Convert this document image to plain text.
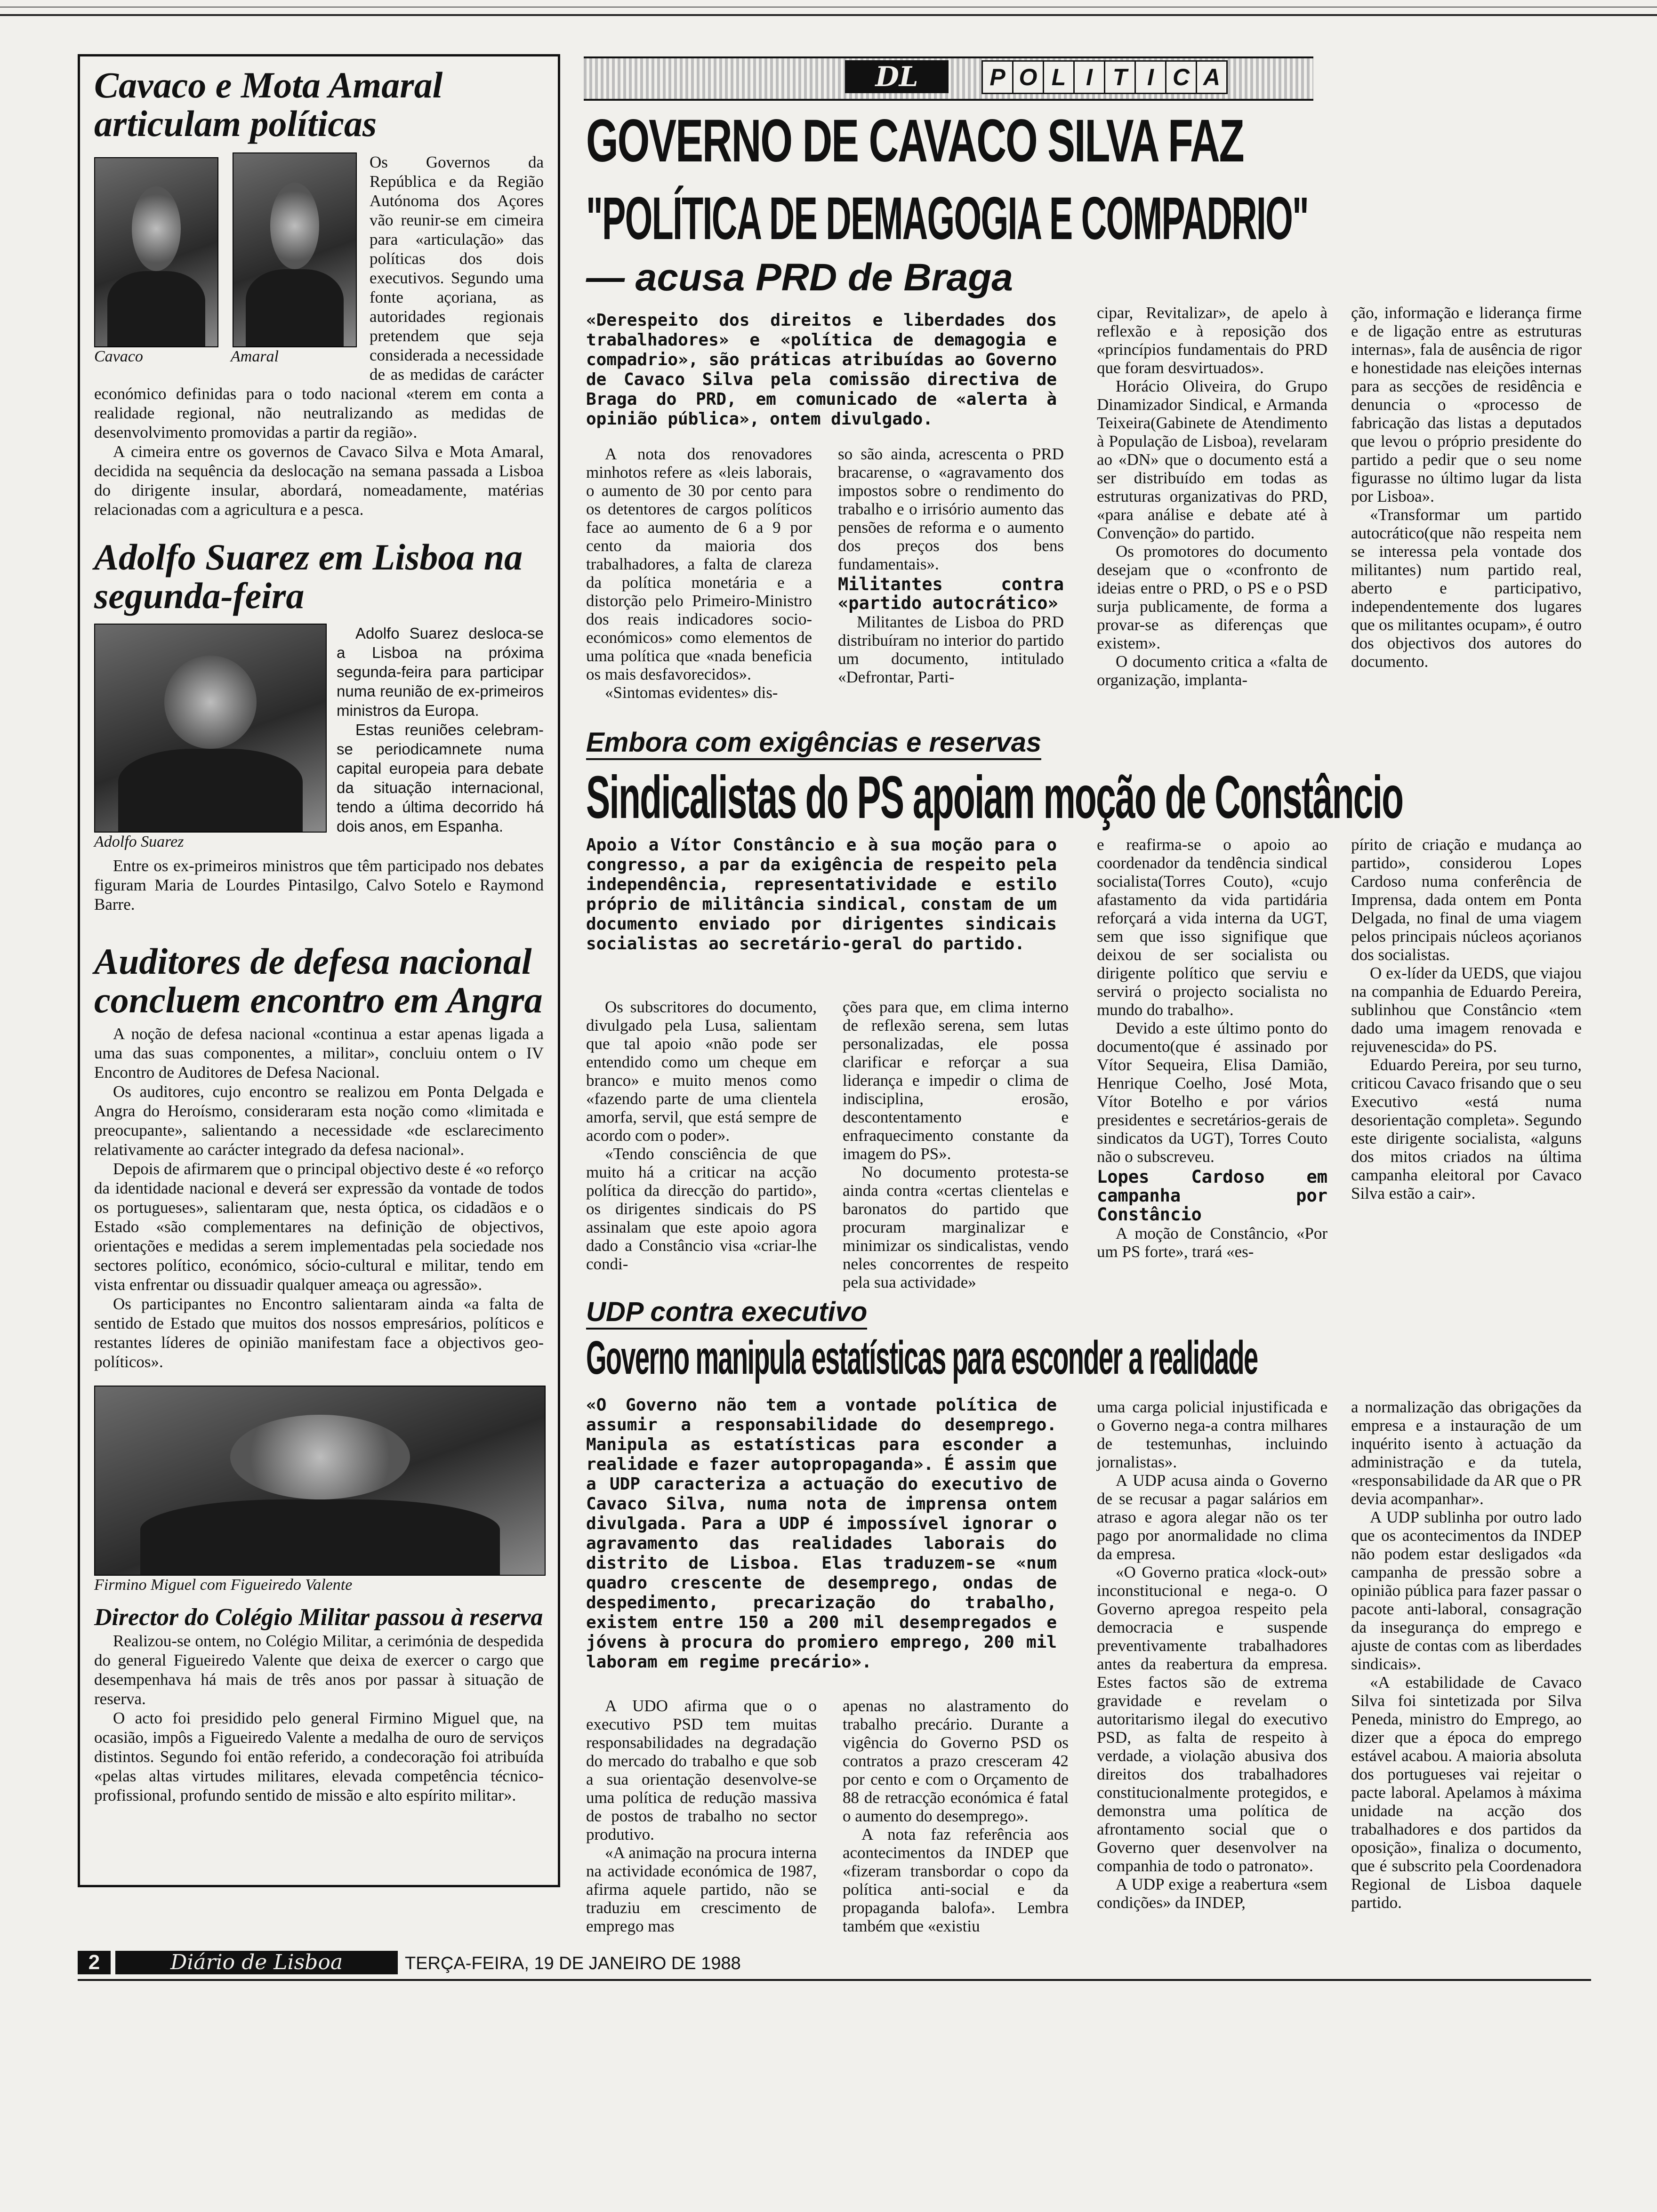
Cavaco e Mota Amaral articulam políticas
Cavaco	Amaral

Os Governos da República e da Região Autónoma dos Açores vão reunir-se em cimeira para «articulação» das políticas dos dois executivos. Segundo uma fonte açoriana, as autoridades regionais pretendem que seja considerada a necessidade de as medidas de carácter económico definidas para o todo nacional «terem em conta a realidade regional, não neutralizando as medidas de desenvolvimento promovidas a partir da região».

A cimeira entre os governos de Cavaco Silva e Mota Amaral, decidida na sequência da deslocação na semana passada a Lisboa do dirigente insular, abordará, nomeadamente, matérias relacionadas com a agricultura e a pesca.

Adolfo Suarez em Lisboa na segunda-feira
Adolfo Suarez

Adolfo Suarez desloca-se a Lisboa na próxima segunda-feira para participar numa reunião de ex-primeiros ministros da Europa.

Estas reuniões celebram-se periodicamnete numa capital europeia para debate da situação internacional, tendo a última decorrido há dois anos, em Espanha.

Entre os ex-primeiros ministros que têm participado nos debates figuram Maria de Lourdes Pintasilgo, Calvo Sotelo e Raymond Barre.

Auditores de defesa nacional concluem encontro em Angra

A noção de defesa nacional «continua a estar apenas ligada a uma das suas componentes, a militar», concluiu ontem o IV Encontro de Auditores de Defesa Nacional.

Os auditores, cujo encontro se realizou em Ponta Delgada e Angra do Heroísmo, consideraram esta noção como «limitada e preocupante», salientando a necessidade «de esclarecimento relativamente ao carácter integrado da defesa nacional».

Depois de afirmarem que o principal objectivo deste é «o reforço da identidade nacional e deverá ser expressão da vontade de todos os portugueses», salientaram que, nesta óptica, os cidadãos e o Estado «são complementares na definição de objectivos, orientações e medidas a serem implementadas pela sociedade nos sectores político, económico, sócio-cultural e militar, tendo em vista enfrentar ou dissuadir qualquer ameaça ou agressão».

Os participantes no Encontro salientaram ainda «a falta de sentido de Estado que muitos dos nossos empresários, políticos e restantes líderes de opinião manifestam face a objectivos geo-políticos».

Firmino Miguel com Figueiredo Valente
Director do Colégio Militar passou à reserva

Realizou-se ontem, no Colégio Militar, a cerimónia de despedida do general Figueiredo Valente que deixa de exercer o cargo que desempenhava há mais de três anos por passar à situação de reserva.

O acto foi presidido pelo general Firmino Miguel que, na ocasião, impôs a Figueiredo Valente a medalha de ouro de serviços distintos. Segundo foi então referido, a condecoração foi atribuída «pelas altas virtudes militares, elevada competência técnico-profissional, profundo sentido de missão e alto espírito militar».

DL	P O L I T I C A
GOVERNO DE CAVACO SILVA FAZ
"POLÍTICA DE DEMAGOGIA E COMPADRIO"
— acusa PRD de Braga
«Derespeito dos direitos e liberdades dos trabalhadores» e «política de demagogia e compadrio», são práticas atribuídas ao Governo de Cavaco Silva pela comissão directiva de Braga do PRD, em comunicado de «alerta à opinião pública», ontem divulgado.

A nota dos renovadores minhotos refere as «leis laborais, o aumento de 30 por cento para os detentores de cargos políticos face ao aumento de 6 a 9 por cento da maioria dos trabalhadores, a falta de clareza da política monetária e a distorção pelo Primeiro-Ministro dos reais indicadores socio-económicos» como elementos de uma política que «nada beneficia os mais desfavorecidos».

«Sintomas evidentes» dis-

so são ainda, acrescenta o PRD bracarense, o «agravamento dos impostos sobre o rendimento do trabalho e o irrisório aumento das pensões de reforma e o aumento dos preços dos bens fundamentais».

Militantes contra «partido autocrático»

Militantes de Lisboa do PRD distribuíram no interior do partido um documento, intitulado «Defrontar, Parti-

cipar, Revitalizar», de apelo à reflexão e à reposição dos «princípios fundamentais do PRD que foram desvirtuados».

Horácio Oliveira, do Grupo Dinamizador Sindical, e Armanda Teixeira(Gabinete de Atendimento à População de Lisboa), revelaram ao «DN» que o documento está a ser distribuído em todas as estruturas organizativas do PRD, «para análise e debate até à Convenção» do partido.

Os promotores do documento desejam que o «confronto de ideias entre o PRD, o PS e o PSD surja publicamente, de forma a provar-se as diferenças que existem».

O documento critica a «falta de organização, implanta-

ção, informação e liderança firme e de ligação entre as estruturas internas», fala de ausência de rigor e honestidade nas eleições internas para as secções de residência e denuncia o «processo de fabricação das listas a deputados que levou o próprio presidente do partido a pedir que o seu nome figurasse no último lugar da lista por Lisboa».

«Transformar um partido autocrático(que não respeita nem se interessa pela vontade dos militantes) num partido real, aberto e participativo, independentemente dos lugares que os militantes ocupam», é outro dos objectivos dos autores do documento.

Embora com exigências e reservas
Sindicalistas do PS apoiam moção de Constâncio
Apoio a Vítor Constâncio e à sua moção para o congresso, a par da exigência de respeito pela independência, representatividade e estilo próprio de militância sindical, constam de um documento enviado por dirigentes sindicais socialistas ao secretário-geral do partido.

Os subscritores do documento, divulgado pela Lusa, salientam que tal apoio «não pode ser entendido como um cheque em branco» e muito menos como «fazendo parte de uma clientela amorfa, servil, que está sempre de acordo com o poder».

«Tendo consciência de que muito há a criticar na acção política da direcção do partido», os dirigentes sindicais do PS assinalam que este apoio agora dado a Constâncio visa «criar-lhe condi-

ções para que, em clima interno de reflexão serena, sem lutas personalizadas, ele possa clarificar e reforçar a sua liderança e impedir o clima de indisciplina, erosão, descontentamento e enfraquecimento constante da imagem do PS».

No documento protesta-se ainda contra «certas clientelas e baronatos do partido que procuram marginalizar e minimizar os sindicalistas, vendo neles concorrentes de respeito pela sua actividade»

e reafirma-se o apoio ao coordenador da tendência sindical socialista(Torres Couto), «cujo afastamento da vida partidária reforçará a vida interna da UGT, sem que isso signifique que deixou de ser socialista ou dirigente político que serviu e servirá o projecto socialista no mundo do trabalho».

Devido a este último ponto do documento(que é assinado por Vítor Sequeira, Elisa Damião, Henrique Coelho, José Mota, Vítor Botelho e por vários presidentes e secretários-gerais de sindicatos da UGT), Torres Couto não o subscreveu.

Lopes Cardoso em campanha por Constâncio

A moção de Constâncio, «Por um PS forte», trará «es-

pírito de criação e mudança ao partido», considerou Lopes Cardoso numa conferência de Imprensa, dada ontem em Ponta Delgada, no final de uma viagem pelos principais núcleos açorianos dos socialistas.

O ex-líder da UEDS, que viajou na companhia de Eduardo Pereira, sublinhou que Constâncio «tem dado uma imagem renovada e rejuvenescida» do PS.

Eduardo Pereira, por seu turno, criticou Cavaco frisando que o seu Executivo «está numa desorientação completa». Segundo este dirigente socialista, «alguns dos mitos criados na última campanha eleitoral por Cavaco Silva estão a cair».

UDP contra executivo
Governo manipula estatísticas para esconder a realidade
«O Governo não tem a vontade política de assumir a responsabilidade do desemprego. Manipula as estatísticas para esconder a realidade e fazer autopropaganda». É assim que a UDP caracteriza a actuação do executivo de Cavaco Silva, numa nota de imprensa ontem divulgada. Para a UDP é impossível ignorar o agravamento das realidades laborais do distrito de Lisboa. Elas traduzem-se «num quadro crescente de desemprego, ondas de despedimento, precarização do trabalho, existem entre 150 a 200 mil desempregados e jóvens à procura do promiero emprego, 200 mil laboram em regime precário».

A UDO afirma que o o executivo PSD tem muitas responsabilidades na degradação do mercado do trabalho e que sob a sua orientação desenvolve-se uma política de redução massiva de postos de trabalho no sector produtivo.

«A animação na procura interna na actividade económica de 1987, afirma aquele partido, não se traduziu em crescimento de emprego mas

apenas no alastramento do trabalho precário. Durante a vigência do Governo PSD os contratos a prazo cresceram 42 por cento e com o Orçamento de 88 de retracção económica é fatal o aumento do desemprego».

A nota faz referência aos acontecimentos da INDEP que «fizeram transbordar o copo da política anti-social e da propaganda balofa». Lembra também que «existiu

uma carga policial injustificada e o Governo nega-a contra milhares de testemunhas, incluindo jornalistas».

A UDP acusa ainda o Governo de se recusar a pagar salários em atraso e agora alegar não os ter pago por anormalidade no clima da empresa.

«O Governo pratica «lock-out» inconstitucional e nega-o. O Governo apregoa respeito pela democracia e suspende preventivamente trabalhadores antes da reabertura da empresa. Estes factos são de extrema gravidade e revelam o autoritarismo ilegal do executivo PSD, as falta de respeito à verdade, a violação abusiva dos direitos dos trabalhadores constitucionalmente protegidos, e demonstra uma política de afrontamento social que o Governo quer desenvolver na companhia de todo o patronato».

A UDP exige a reabertura «sem condições» da INDEP,

a normalização das obrigações da empresa e a instauração de um inquérito isento à actuação da administração e da tutela, «responsabilidade da AR que o PR devia acompanhar».

A UDP sublinha por outro lado que os acontecimentos da INDEP não podem estar desligados «da campanha de pressão sobre a opinião pública para fazer passar o pacote anti-laboral, consagração da insegurança do emprego e ajuste de contas com as liberdades sindicais».

«A estabilidade de Cavaco Silva foi sintetizada por Silva Peneda, ministro do Emprego, ao dizer que a época do emprego estável acabou. A maioria absoluta dos portugueses vai rejeitar o pacte laboral. Apelamos à máxima unidade na acção dos trabalhadores e dos partidos da oposição», finaliza o documento, que é subscrito pela Coordenadora Regional de Lisboa daquele partido.

2	Diário de Lisboa	TERÇA-FEIRA, 19 DE JANEIRO DE 1988
